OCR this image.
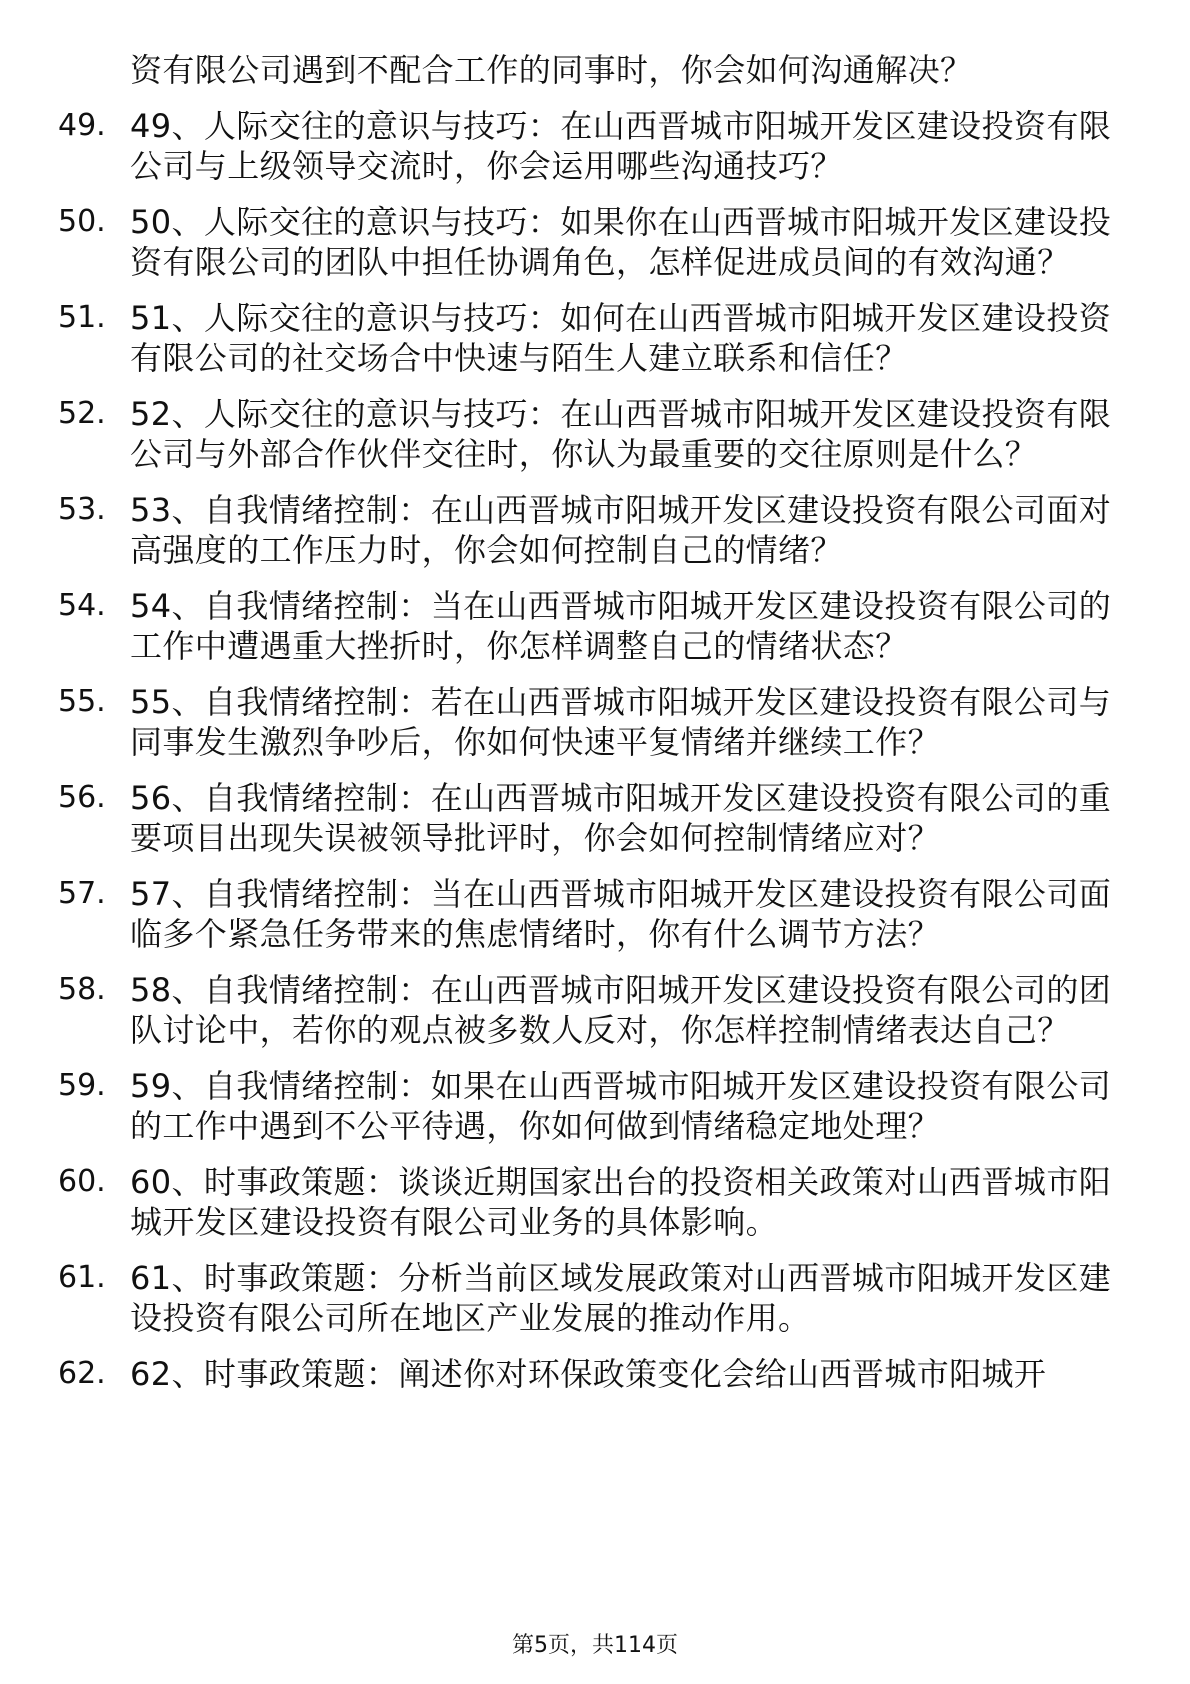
资有限公司遇到不配合工作的同事时，你会如何沟通解决？
49. 49、人际交往的意识与技巧：在山西晋城市阳城开发区建设投资有限公司与上级领导交流时，你会运用哪些沟通技巧？
50. 50、人际交往的意识与技巧：如果你在山西晋城市阳城开发区建设投资有限公司的团队中担任协调角色，怎样促进成员间的有效沟通？
51. 51、人际交往的意识与技巧：如何在山西晋城市阳城开发区建设投资有限公司的社交场合中快速与陌生人建立联系和信任？
52. 52、人际交往的意识与技巧：在山西晋城市阳城开发区建设投资有限公司与外部合作伙伴交往时，你认为最重要的交往原则是什么？
53. 53、自我情绪控制：在山西晋城市阳城开发区建设投资有限公司面对高强度的工作压力时，你会如何控制自己的情绪？
54. 54、自我情绪控制：当在山西晋城市阳城开发区建设投资有限公司的工作中遭遇重大挫折时，你怎样调整自己的情绪状态？
55. 55、自我情绪控制：若在山西晋城市阳城开发区建设投资有限公司与同事发生激烈争吵后，你如何快速平复情绪并继续工作？
56. 56、自我情绪控制：在山西晋城市阳城开发区建设投资有限公司的重要项目出现失误被领导批评时，你会如何控制情绪应对？
57. 57、自我情绪控制：当在山西晋城市阳城开发区建设投资有限公司面临多个紧急任务带来的焦虑情绪时，你有什么调节方法？
58. 58、自我情绪控制：在山西晋城市阳城开发区建设投资有限公司的团队讨论中，若你的观点被多数人反对，你怎样控制情绪表达自己？
59. 59、自我情绪控制：如果在山西晋城市阳城开发区建设投资有限公司的工作中遇到不公平待遇，你如何做到情绪稳定地处理？
60. 60、时事政策题：谈谈近期国家出台的投资相关政策对山西晋城市阳城开发区建设投资有限公司业务的具体影响。
61. 61、时事政策题：分析当前区域发展政策对山西晋城市阳城开发区建设投资有限公司所在地区产业发展的推动作用。
62. 62、时事政策题：阐述你对环保政策变化会给山西晋城市阳城开
第5页，共114页
